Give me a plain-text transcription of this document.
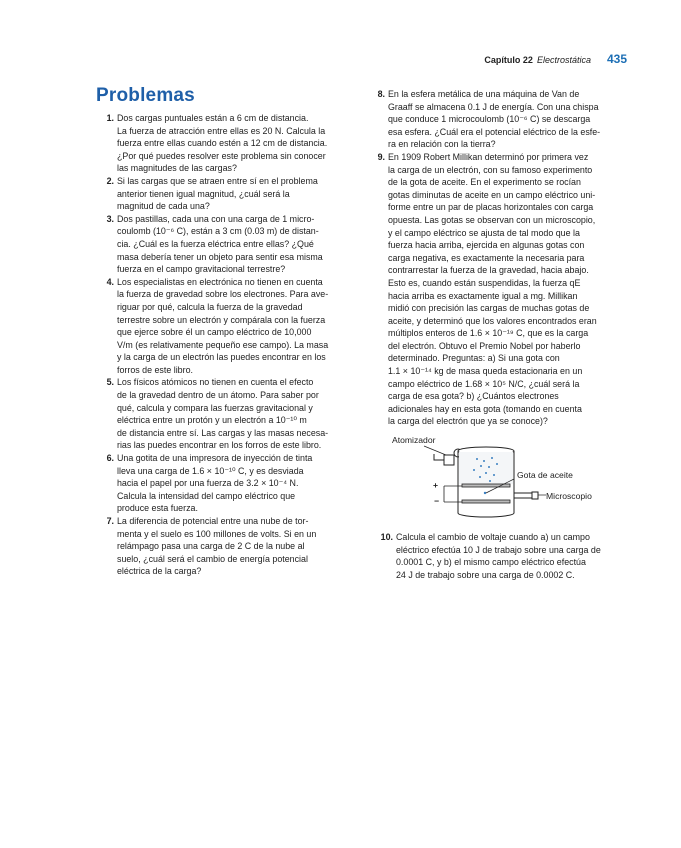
Capítulo 22 Electrostática 435
Problemas
1. Dos cargas puntuales están a 6 cm de distancia.
La fuerza de atracción entre ellas es 20 N. Calcula la
fuerza entre ellas cuando estén a 12 cm de distancia.
¿Por qué puedes resolver este problema sin conocer
las magnitudes de las cargas?
2. Si las cargas que se atraen entre sí en el problema
anterior tienen igual magnitud, ¿cuál será la
magnitud de cada una?
3. Dos pastillas, cada una con una carga de 1 micro-
coulomb (10⁻⁶ C), están a 3 cm (0.03 m) de distan-
cia. ¿Cuál es la fuerza eléctrica entre ellas? ¿Qué
masa debería tener un objeto para sentir esa misma
fuerza en el campo gravitacional terrestre?
4. Los especialistas en electrónica no tienen en cuenta
la fuerza de gravedad sobre los electrones. Para ave-
riguar por qué, calcula la fuerza de la gravedad
terrestre sobre un electrón y compárala con la fuerza
que ejerce sobre él un campo eléctrico de 10,000
V/m (es relativamente pequeño ese campo). La masa
y la carga de un electrón las puedes encontrar en los
forros de este libro.
5. Los físicos atómicos no tienen en cuenta el efecto
de la gravedad dentro de un átomo. Para saber por
qué, calcula y compara las fuerzas gravitacional y
eléctrica entre un protón y un electrón a 10⁻¹⁰ m
de distancia entre sí. Las cargas y las masas necesa-
rias las puedes encontrar en los forros de este libro.
6. Una gotita de una impresora de inyección de tinta
lleva una carga de 1.6 × 10⁻¹⁰ C, y es desviada
hacia el papel por una fuerza de 3.2 × 10⁻⁴ N.
Calcula la intensidad del campo eléctrico que
produce esta fuerza.
7. La diferencia de potencial entre una nube de tor-
menta y el suelo es 100 millones de volts. Si en un
relámpago pasa una carga de 2 C de la nube al
suelo, ¿cuál será el cambio de energía potencial
eléctrica de la carga?
8. En la esfera metálica de una máquina de Van de
Graaff se almacena 0.1 J de energía. Con una chispa
que conduce 1 microcoulomb (10⁻⁶ C) se descarga
esa esfera. ¿Cuál era el potencial eléctrico de la esfe-
ra en relación con la tierra?
9. En 1909 Robert Millikan determinó por primera vez
la carga de un electrón, con su famoso experimento
de la gota de aceite. En el experimento se rocían
gotas diminutas de aceite en un campo eléctrico uni-
forme entre un par de placas horizontales con carga
opuesta. Las gotas se observan con un microscopio,
y el campo eléctrico se ajusta de tal modo que la
fuerza hacia arriba, ejercida en algunas gotas con
carga negativa, es exactamente la necesaria para
contrarrestar la fuerza de la gravedad, hacia abajo.
Esto es, cuando están suspendidas, la fuerza qE
hacia arriba es exactamente igual a mg. Millikan
midió con precisión las cargas de muchas gotas de
aceite, y determinó que los valores encontrados eran
múltiplos enteros de 1.6 × 10⁻¹⁹ C, que es la carga
del electrón. Obtuvo el Premio Nobel por haberlo
determinado. Preguntas: a) Si una gota con
1.1 × 10⁻¹⁴ kg de masa queda estacionaria en un
campo eléctrico de 1.68 × 10⁵ N/C, ¿cuál será la
carga de esa gota? b) ¿Cuántos electrones
adicionales hay en esta gota (tomando en cuenta
la carga del electrón que ya se conoce)?
Atomizador
Gota de aceite
Microscopio
+
−
10. Calcula el cambio de voltaje cuando a) un campo
eléctrico efectúa 10 J de trabajo sobre una carga de
0.0001 C, y b) el mismo campo eléctrico efectúa
24 J de trabajo sobre una carga de 0.0002 C.
